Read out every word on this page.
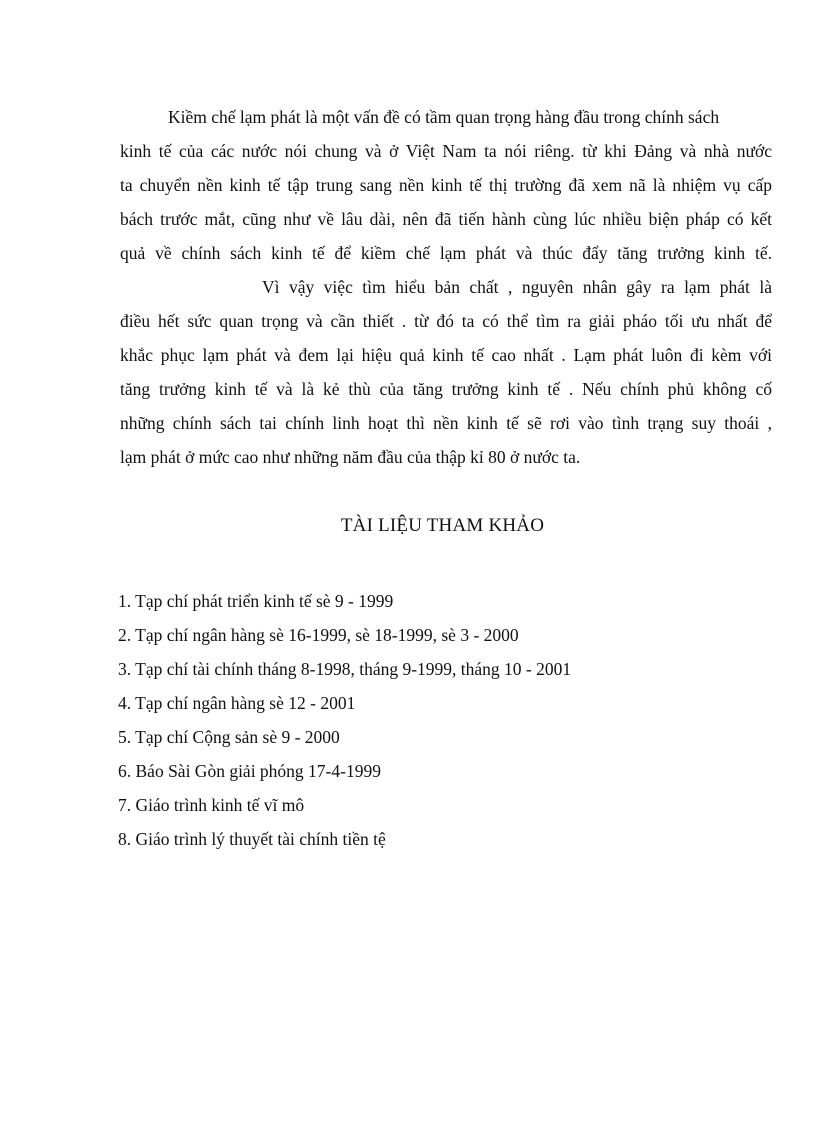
Kiềm chế lạm phát là một vấn đề có tầm quan trọng hàng đầu trong chính sách
kinh tế của các nước nói chung và ở Việt Nam ta nói riêng. từ khi Đảng và nhà nước
ta chuyển nền kinh tế tập trung sang nền kinh tế thị trường đã xem nã là nhiệm vụ cấp
bách trước mắt, cũng như về lâu dài, nên đã tiến hành cùng lúc nhiều biện pháp có kết
quả về chính sách kinh tế để kiềm chế lạm phát và thúc đẩy tăng trưởng kinh tế.
Vì vậy việc tìm hiểu bản chất , nguyên nhân gây ra lạm phát là
điều hết sức quan trọng và cần thiết . từ đó ta có thể tìm ra giải pháo tối ưu nhất để
khắc phục lạm phát và đem lại hiệu quả kinh tế cao nhất . Lạm phát luôn đi kèm với
tăng trưởng kinh tế và là kẻ thù của tăng trưởng kinh tế . Nếu chính phủ không cố
những chính sách tai chính linh hoạt thì nền kinh tế sẽ rơi vào tình trạng suy thoái ,
lạm phát ở mức cao như những năm đầu của thập kỉ 80 ở nước ta.
TÀI LIỆU THAM KHẢO
1. Tạp chí phát triển kinh tế sè 9 - 1999
2. Tạp chí ngân hàng sè 16-1999, sè 18-1999, sè 3 - 2000
3. Tạp chí tài chính tháng 8-1998, tháng 9-1999, tháng 10 - 2001
4. Tạp chí ngân hàng sè 12 - 2001
5. Tạp chí Cộng sản sè 9 - 2000
6. Báo Sài Gòn giải phóng 17-4-1999
7. Giáo trình kinh tế vĩ mô
8. Giáo trình lý thuyết tài chính tiền tệ
